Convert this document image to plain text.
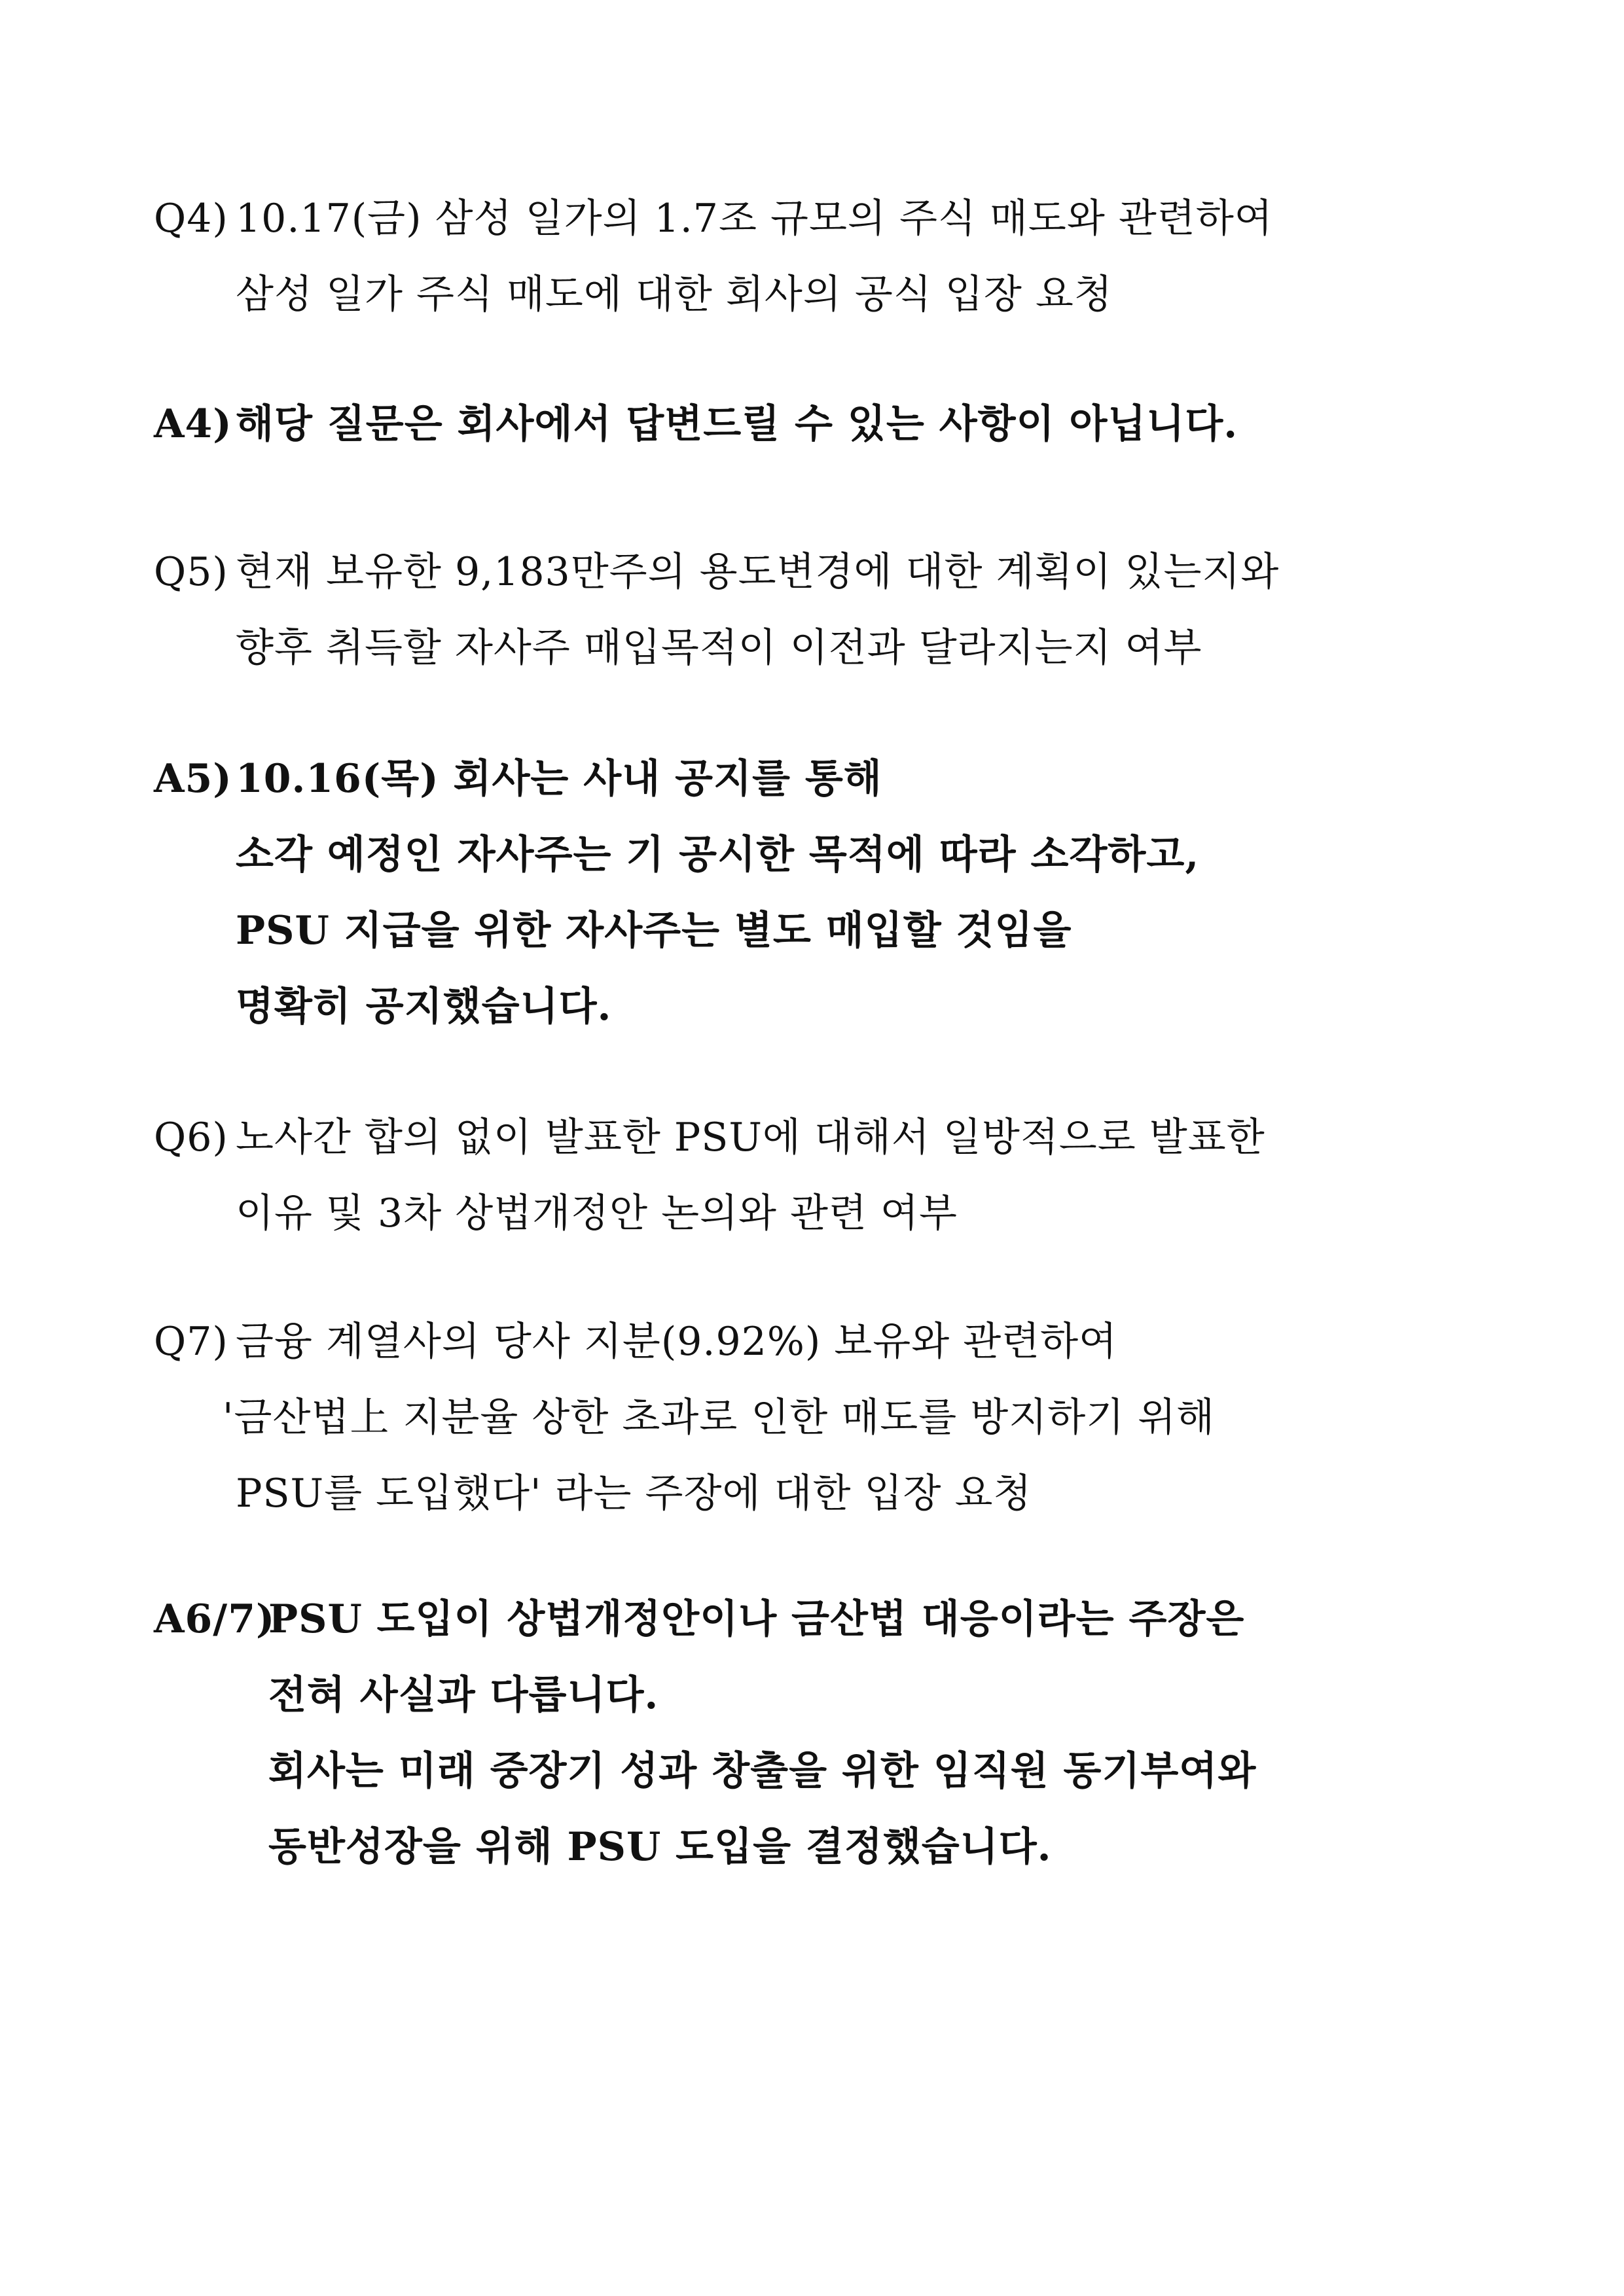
Q4) 10.17(금) 삼성 일가의 1.7조 규모의 주식 매도와 관련하여
삼성 일가 주식 매도에 대한 회사의 공식 입장 요청
A4) 해당 질문은 회사에서 답변드릴 수 있는 사항이 아닙니다.
Q5) 현재 보유한 9,183만주의 용도변경에 대한 계획이 있는지와
향후 취득할 자사주 매입목적이 이전과 달라지는지 여부
A5) 10.16(목) 회사는 사내 공지를 통해
소각 예정인 자사주는 기 공시한 목적에 따라 소각하고,
PSU 지급을 위한 자사주는 별도 매입할 것임을
명확히 공지했습니다.
Q6) 노사간 합의 없이 발표한 PSU에 대해서 일방적으로 발표한
이유 및 3차 상법개정안 논의와 관련 여부
Q7) 금융 계열사의 당사 지분(9.92%) 보유와 관련하여
'금산법上 지분율 상한 초과로 인한 매도를 방지하기 위해
PSU를 도입했다' 라는 주장에 대한 입장 요청
A6/7)
PSU 도입이 상법개정안이나 금산법 대응이라는 주장은
전혀 사실과 다릅니다.
회사는 미래 중장기 성과 창출을 위한 임직원 동기부여와
동반성장을 위해 PSU 도입을 결정했습니다.
